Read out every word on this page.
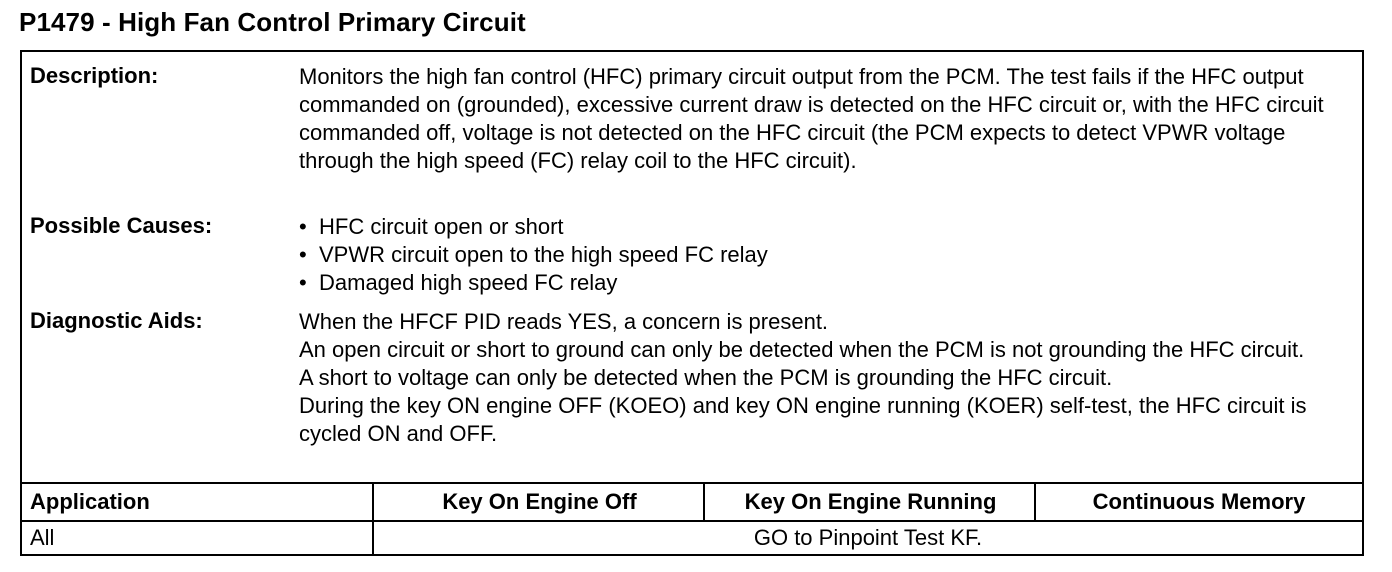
P1479 - High Fan Control Primary Circuit
Description:	Monitors the high fan control (HFC) primary circuit output from the PCM. The test fails if the HFC output commanded on (grounded), excessive current draw is detected on the HFC circuit or, with the HFC circuit commanded off, voltage is not detected on the HFC circuit (the PCM expects to detect VPWR voltage through the high speed (FC) relay coil to the HFC circuit).

Possible Causes:
•	HFC circuit open or short
• VPWR circuit open to the high speed FC relay
• Damaged high speed FC relay
Diagnostic Aids:	When the HFCF PID reads YES, a concern is present.

An open circuit or short to ground can only be detected when the PCM is not grounding the HFC circuit.

A short to voltage can only be detected when the PCM is grounding the HFC circuit.

During the key ON engine OFF (KOEO) and key ON engine running (KOER) self-test, the HFC circuit is cycled ON and OFF.

Application	Key On Engine Off	Key On Engine Running	Continuous Memory
All	GO to Pinpoint Test KF.
